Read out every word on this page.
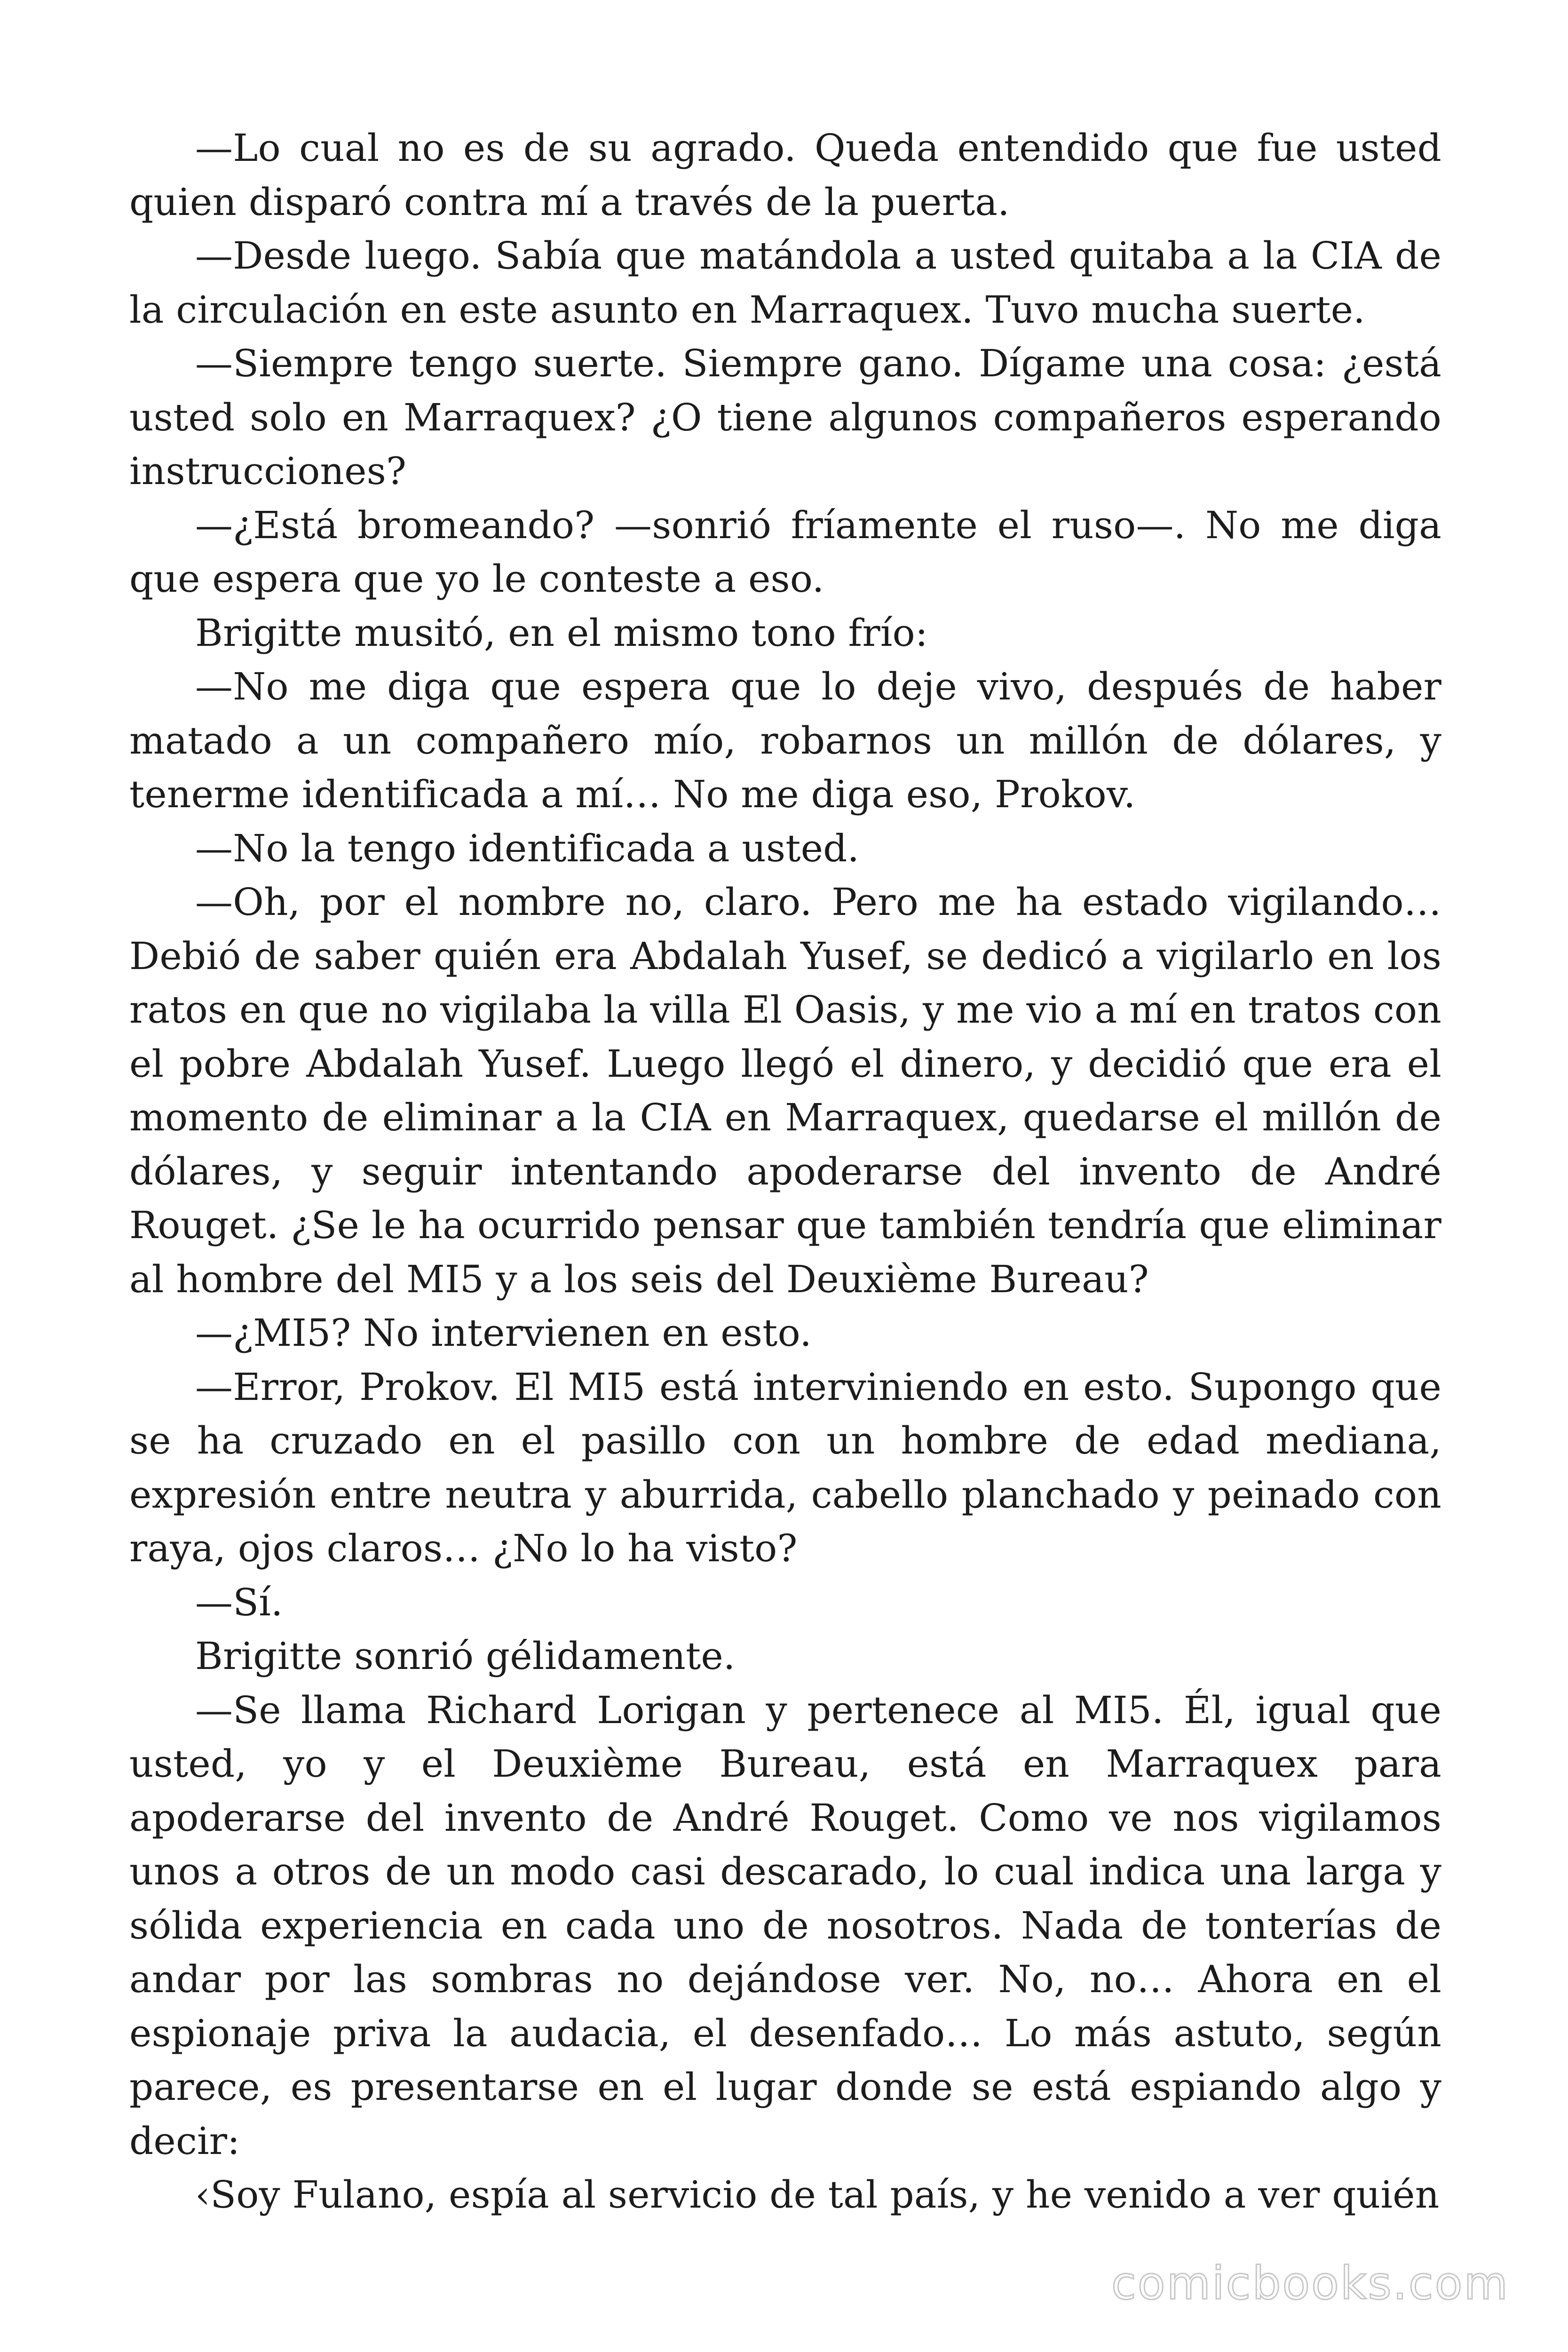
—Lo cual no es de su agrado. Queda entendido que fue usted quien disparó contra mí a través de la puerta.

—Desde luego. Sabía que matándola a usted quitaba a la CIA de la circulación en este asunto en Marraquex. Tuvo mucha suerte.

—Siempre tengo suerte. Siempre gano. Dígame una cosa: ¿está usted solo en Marraquex? ¿O tiene algunos compañeros esperando instrucciones?

—¿Está bromeando? —sonrió fríamente el ruso—. No me diga que espera que yo le conteste a eso.

Brigitte musitó, en el mismo tono frío:

—No me diga que espera que lo deje vivo, después de haber matado a un compañero mío, robarnos un millón de dólares, y tenerme identificada a mí… No me diga eso, Prokov.

—No la tengo identificada a usted.

—Oh, por el nombre no, claro. Pero me ha estado vigilando… Debió de saber quién era Abdalah Yusef, se dedicó a vigilarlo en los ratos en que no vigilaba la villa El Oasis, y me vio a mí en tratos con el pobre Abdalah Yusef. Luego llegó el dinero, y decidió que era el momento de eliminar a la CIA en Marraquex, quedarse el millón de dólares, y seguir intentando apoderarse del invento de André Rouget. ¿Se le ha ocurrido pensar que también tendría que eliminar al hombre del MI5 y a los seis del Deuxième Bureau?

—¿MI5? No intervienen en esto.

—Error, Prokov. El MI5 está interviniendo en esto. Supongo que se ha cruzado en el pasillo con un hombre de edad mediana, expresión entre neutra y aburrida, cabello planchado y peinado con raya, ojos claros… ¿No lo ha visto?

—Sí.

Brigitte sonrió gélidamente.

—Se llama Richard Lorigan y pertenece al MI5. Él, igual que usted, yo y el Deuxième Bureau, está en Marraquex para apoderarse del invento de André Rouget. Como ve nos vigilamos unos a otros de un modo casi descarado, lo cual indica una larga y sólida experiencia en cada uno de nosotros. Nada de tonterías de andar por las sombras no dejándose ver. No, no… Ahora en el espionaje priva la audacia, el desenfado… Lo más astuto, según parece, es presentarse en el lugar donde se está espiando algo y decir:

‹Soy Fulano, espía al servicio de tal país, y he venido a ver quién

comicbooks.com
